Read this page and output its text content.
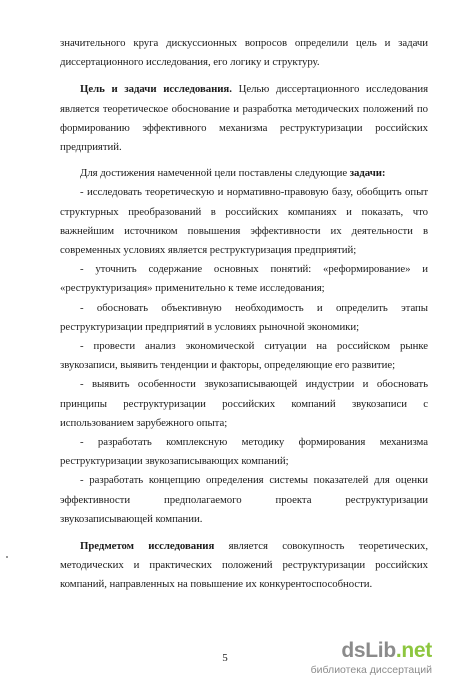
значительного круга дискуссионных вопросов определили цель и задачи диссертационного исследования, его логику и структуру.

Цель и задачи исследования. Целью диссертационного исследования является теоретическое обоснование и разработка методических положений по формированию эффективного механизма реструктуризации российских предприятий.

Для достижения намеченной цели поставлены следующие задачи:

- исследовать теоретическую и нормативно-правовую базу, обобщить опыт структурных преобразований в российских компаниях и показать, что важнейшим источником повышения эффективности их деятельности в современных условиях является реструктуризация предприятий;

- уточнить содержание основных понятий: «реформирование» и «реструктуризация» применительно к теме исследования;

- обосновать объективную необходимость и определить этапы реструктуризации предприятий в условиях рыночной экономики;

- провести анализ экономической ситуации на российском рынке звукозаписи, выявить тенденции и факторы, определяющие его развитие;

- выявить особенности звукозаписывающей индустрии и обосновать принципы реструктуризации российских компаний звукозаписи с использованием зарубежного опыта;

- разработать комплексную методику формирования механизма реструктуризации звукозаписывающих компаний;

- разработать концепцию определения системы показателей для оценки эффективности предполагаемого проекта реструктуризации звукозаписывающей компании.

Предметом исследования является совокупность теоретических, методических и практических положений реструктуризации российских компаний, направленных на повышение их конкурентоспособности.

5	dsLib.net
библиотека диссертаций
